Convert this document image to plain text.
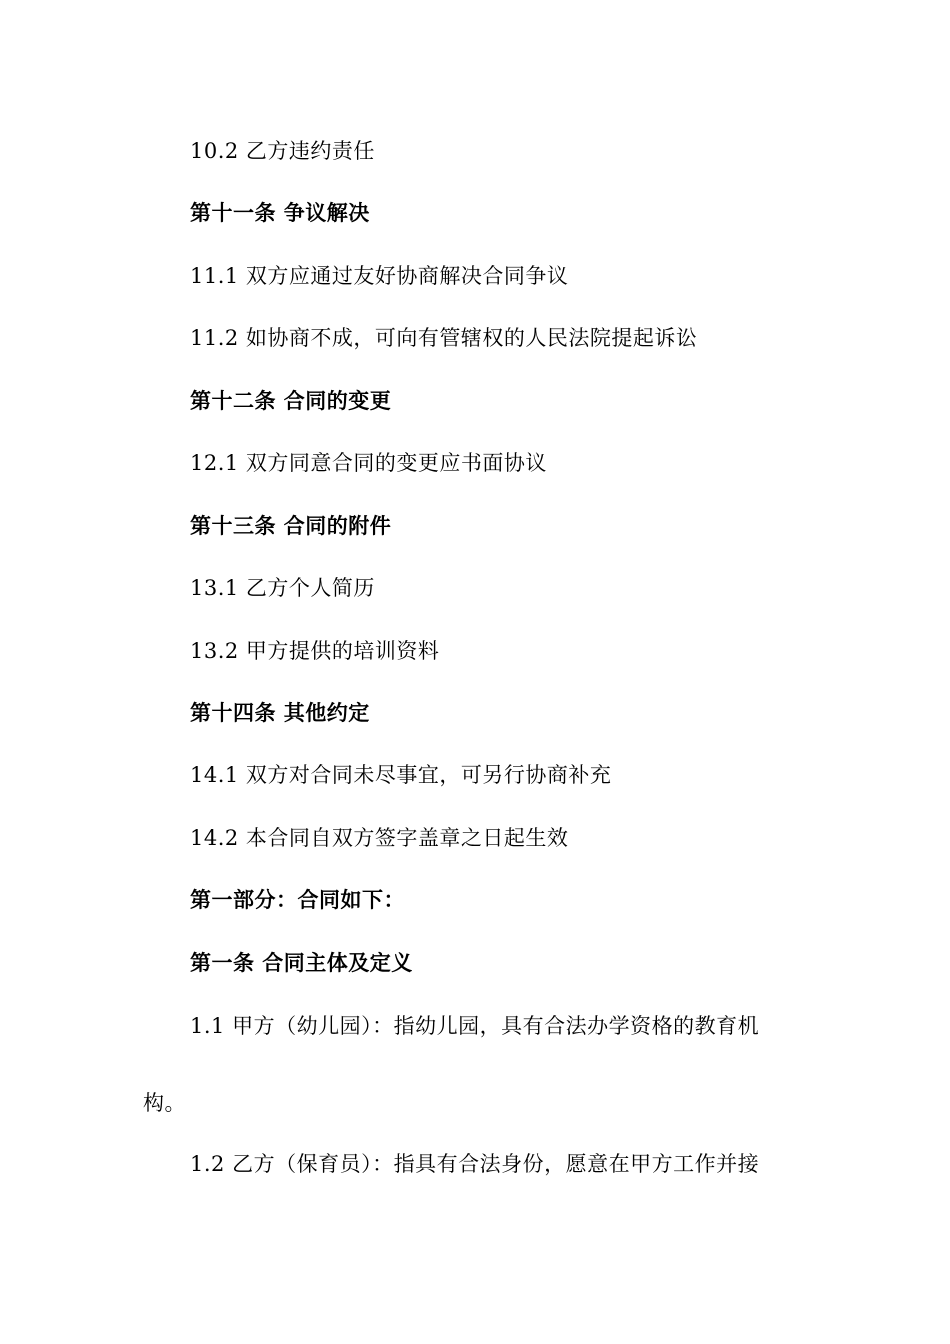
10.2 乙方违约责任
第十一条 争议解决
11.1 双方应通过友好协商解决合同争议
11.2 如协商不成，可向有管辖权的人民法院提起诉讼
第十二条 合同的变更
12.1 双方同意合同的变更应书面协议
第十三条 合同的附件
13.1 乙方个人简历
13.2 甲方提供的培训资料
第十四条 其他约定
14.1 双方对合同未尽事宜，可另行协商补充
14.2 本合同自双方签字盖章之日起生效
第一部分：合同如下：
第一条 合同主体及定义
1.1 甲方（幼儿园）：指幼儿园，具有合法办学资格的教育机
构。
1.2 乙方（保育员）：指具有合法身份，愿意在甲方工作并接
